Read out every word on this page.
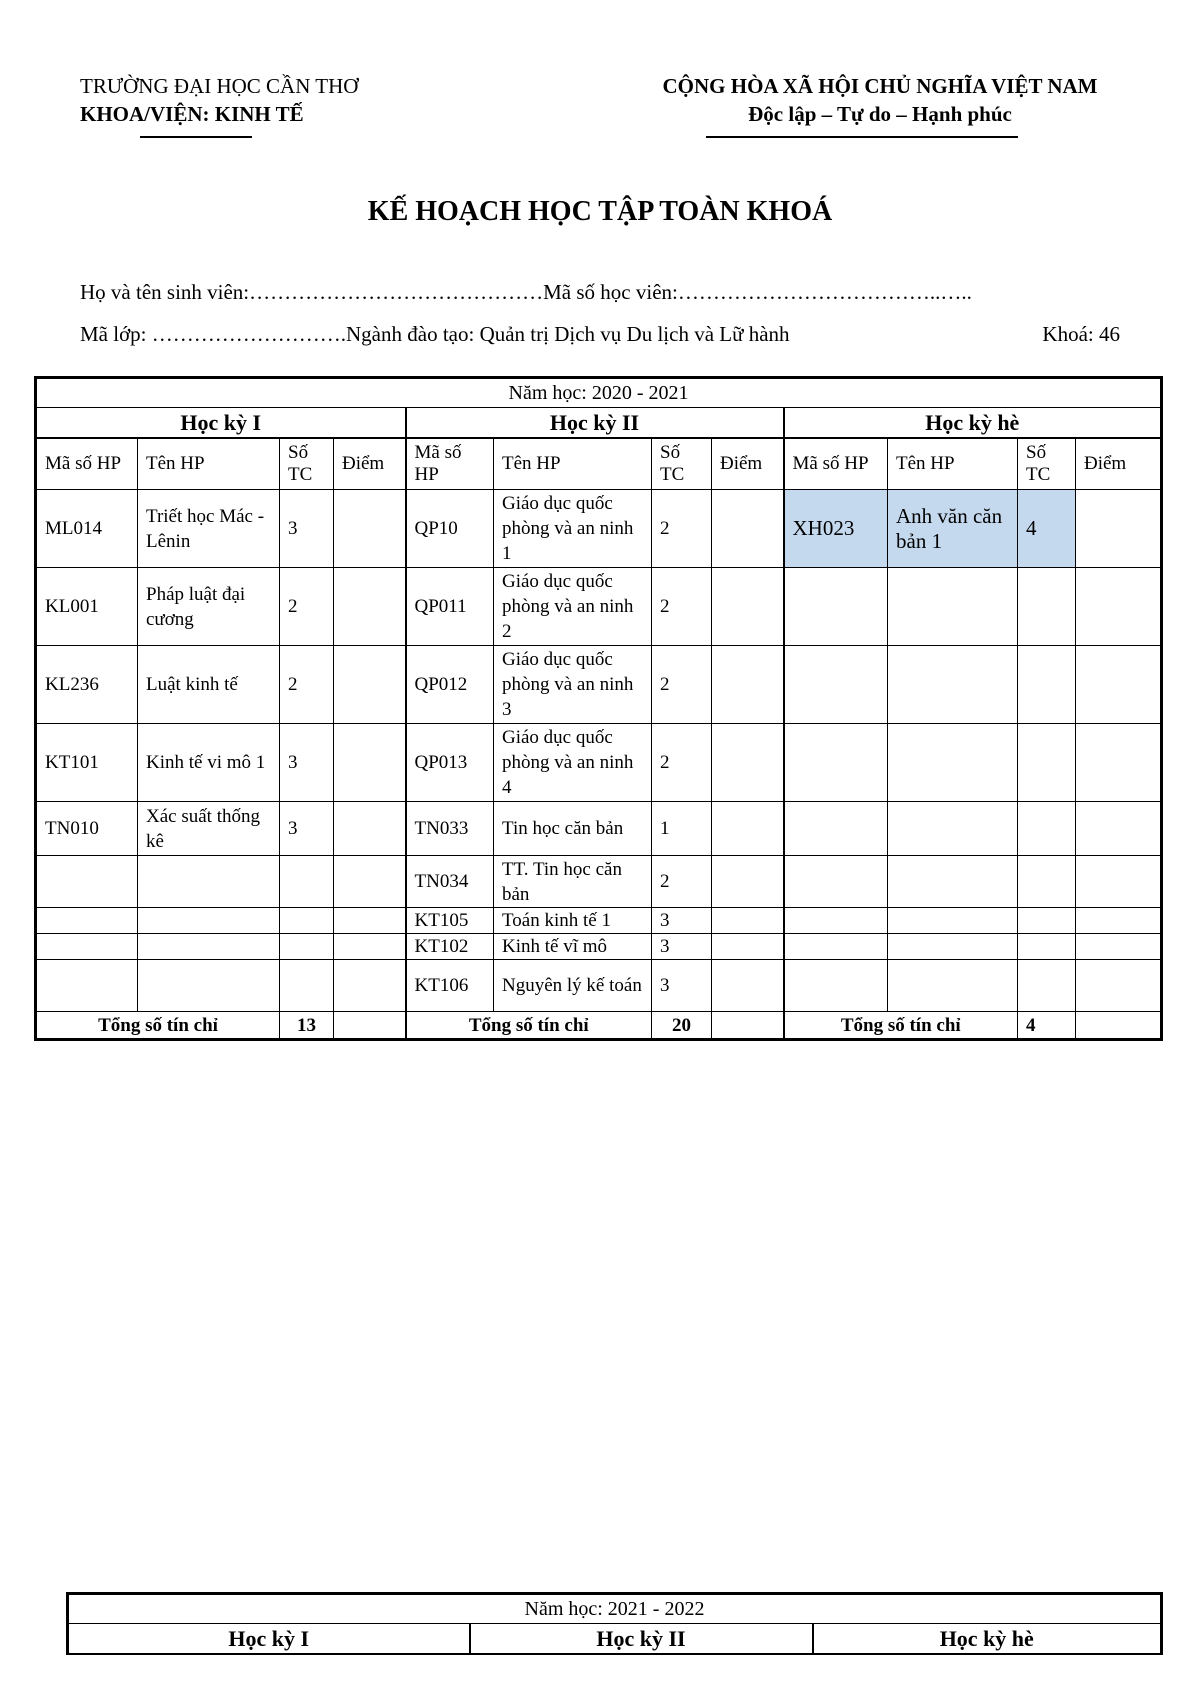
TRƯỜNG ĐẠI HỌC CẦN THƠ
KHOA/VIỆN: KINH TẾ
CỘNG HÒA XÃ HỘI CHỦ NGHĨA VIỆT NAM
Độc lập – Tự do – Hạnh phúc
KẾ HOẠCH HỌC TẬP TOÀN KHOÁ
Họ và tên sinh viên:……………………………………Mã số học viên:………………………………..…..
Mã lớp: ……………………….Ngành đào tạo: Quản trị Dịch vụ Du lịch và Lữ hành	Khoá: 46
Năm học: 2020 - 2021											
Học kỳ I				Học kỳ II				Học kỳ hè			
Mã số HP	Tên HP	Số TC	Điểm	Mã số HP	Tên HP	Số TC	Điểm	Mã số HP	Tên HP	Số TC	Điểm
ML014	Triết học Mác - Lênin	3		QP10	Giáo dục quốc phòng và an ninh 1	2		XH023	Anh văn căn bản 1	4	
KL001	Pháp luật đại cương	2		QP011	Giáo dục quốc phòng và an ninh 2	2					
KL236	Luật kinh tế	2		QP012	Giáo dục quốc phòng và an ninh 3	2					
KT101	Kinh tế vi mô 1	3		QP013	Giáo dục quốc phòng và an ninh 4	2					
TN010	Xác suất thống kê	3		TN033	Tin học căn bản	1					
				TN034	TT. Tin học căn bản	2					
				KT105	Toán kinh tế 1	3					
				KT102	Kinh tế vĩ mô	3					
				KT106	Nguyên lý kế toán	3					
Tổng số tín chỉ		13		Tổng số tín chỉ		20		Tổng số tín chỉ		4	
Năm học: 2021 - 2022
Học kỳ I	Học kỳ II	Học kỳ hè
